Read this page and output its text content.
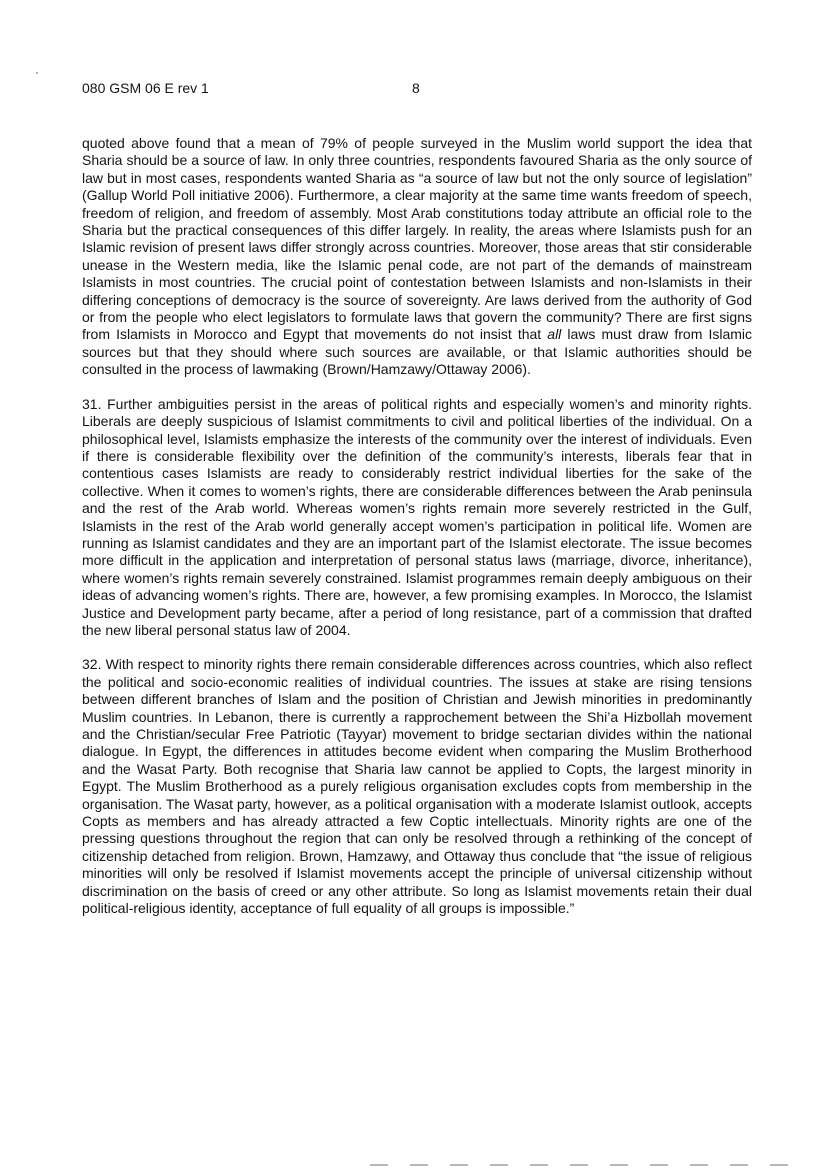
080 GSM 06 E rev 1	8

quoted above found that a mean of 79% of people surveyed in the Muslim world support the idea that Sharia should be a source of law. In only three countries, respondents favoured Sharia as the only source of law but in most cases, respondents wanted Sharia as “a source of law but not the only source of legislation” (Gallup World Poll initiative 2006). Furthermore, a clear majority at the same time wants freedom of speech, freedom of religion, and freedom of assembly. Most Arab constitutions today attribute an official role to the Sharia but the practical consequences of this differ largely. In reality, the areas where Islamists push for an Islamic revision of present laws differ strongly across countries. Moreover, those areas that stir considerable unease in the Western media, like the Islamic penal code, are not part of the demands of mainstream Islamists in most countries. The crucial point of contestation between Islamists and non-Islamists in their differing conceptions of democracy is the source of sovereignty. Are laws derived from the authority of God or from the people who elect legislators to formulate laws that govern the community? There are first signs from Islamists in Morocco and Egypt that movements do not insist that all laws must draw from Islamic sources but that they should where such sources are available, or that Islamic authorities should be consulted in the process of lawmaking (Brown/Hamzawy/Ottaway 2006).

31. Further ambiguities persist in the areas of political rights and especially women’s and minority rights. Liberals are deeply suspicious of Islamist commitments to civil and political liberties of the individual. On a philosophical level, Islamists emphasize the interests of the community over the interest of individuals. Even if there is considerable flexibility over the definition of the community’s interests, liberals fear that in contentious cases Islamists are ready to considerably restrict individual liberties for the sake of the collective. When it comes to women’s rights, there are considerable differences between the Arab peninsula and the rest of the Arab world. Whereas women’s rights remain more severely restricted in the Gulf, Islamists in the rest of the Arab world generally accept women’s participation in political life. Women are running as Islamist candidates and they are an important part of the Islamist electorate. The issue becomes more difficult in the application and interpretation of personal status laws (marriage, divorce, inheritance), where women’s rights remain severely constrained. Islamist programmes remain deeply ambiguous on their ideas of advancing women’s rights. There are, however, a few promising examples. In Morocco, the Islamist Justice and Development party became, after a period of long resistance, part of a commission that drafted the new liberal personal status law of 2004.

32. With respect to minority rights there remain considerable differences across countries, which also reflect the political and socio-economic realities of individual countries. The issues at stake are rising tensions between different branches of Islam and the position of Christian and Jewish minorities in predominantly Muslim countries. In Lebanon, there is currently a rapprochement between the Shi’a Hizbollah movement and the Christian/secular Free Patriotic (Tayyar) movement to bridge sectarian divides within the national dialogue. In Egypt, the differences in attitudes become evident when comparing the Muslim Brotherhood and the Wasat Party. Both recognise that Sharia law cannot be applied to Copts, the largest minority in Egypt. The Muslim Brotherhood as a purely religious organisation excludes copts from membership in the organisation. The Wasat party, however, as a political organisation with a moderate Islamist outlook, accepts Copts as members and has already attracted a few Coptic intellectuals. Minority rights are one of the pressing questions throughout the region that can only be resolved through a rethinking of the concept of citizenship detached from religion. Brown, Hamzawy, and Ottaway thus conclude that “the issue of religious minorities will only be resolved if Islamist movements accept the principle of universal citizenship without discrimination on the basis of creed or any other attribute. So long as Islamist movements retain their dual political-religious identity, acceptance of full equality of all groups is impossible.”
